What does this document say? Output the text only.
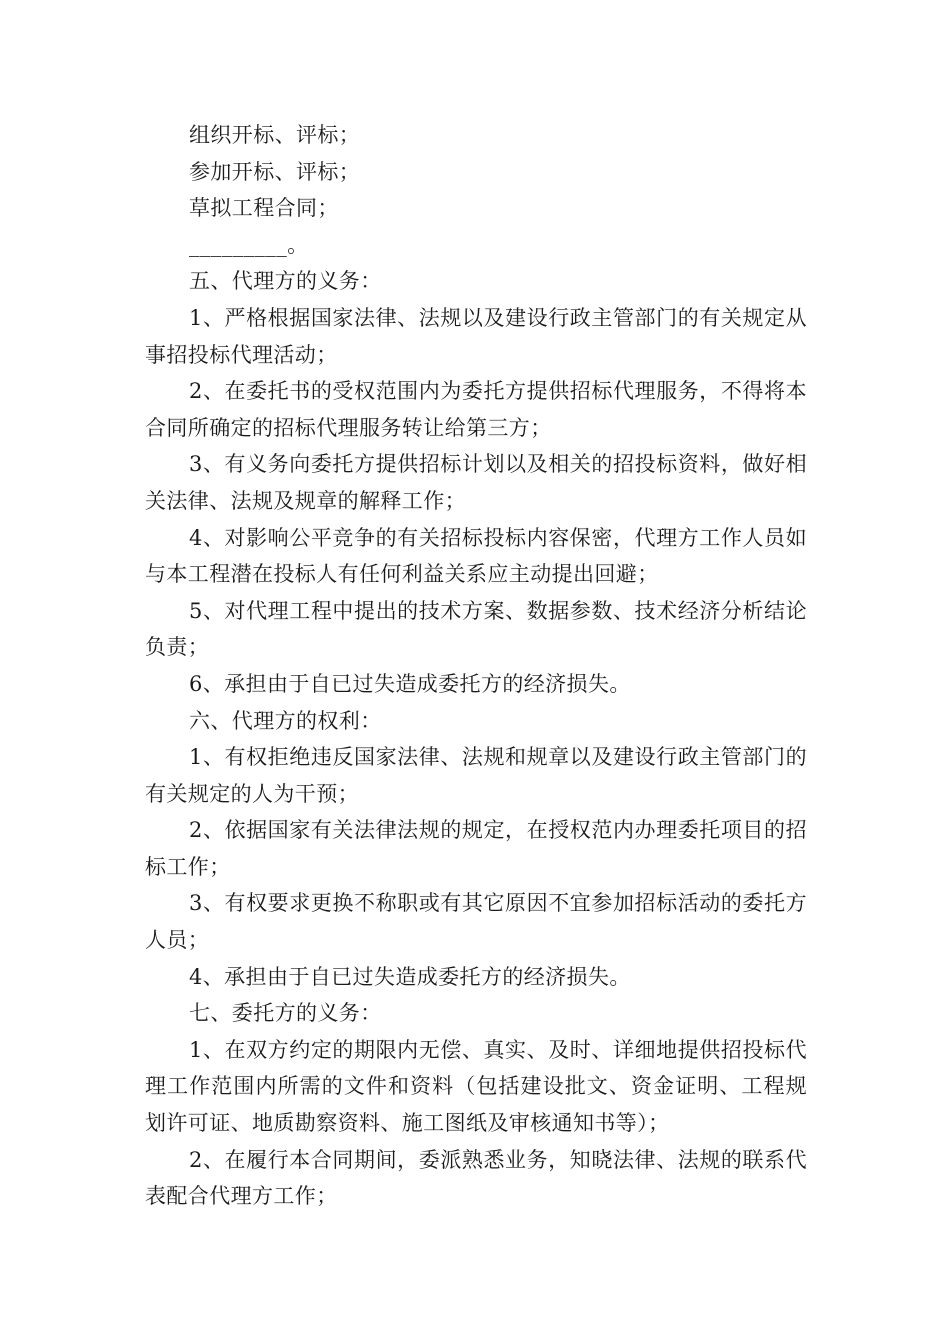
组织开标、评标；

参加开标、评标；

草拟工程合同；

_________。

五、代理方的义务：

1、严格根据国家法律、法规以及建设行政主管部门的有关规定从事招投标代理活动；

2、在委托书的受权范围内为委托方提供招标代理服务，不得将本合同所确定的招标代理服务转让给第三方；

3、有义务向委托方提供招标计划以及相关的招投标资料，做好相关法律、法规及规章的解释工作；

4、对影响公平竞争的有关招标投标内容保密，代理方工作人员如与本工程潜在投标人有任何利益关系应主动提出回避；

5、对代理工程中提出的技术方案、数据参数、技术经济分析结论负责；

6、承担由于自已过失造成委托方的经济损失。

六、代理方的权利：

1、有权拒绝违反国家法律、法规和规章以及建设行政主管部门的有关规定的人为干预；

2、依据国家有关法律法规的规定，在授权范内办理委托项目的招标工作；

3、有权要求更换不称职或有其它原因不宜参加招标活动的委托方人员；

4、承担由于自已过失造成委托方的经济损失。

七、委托方的义务：

1、在双方约定的期限内无偿、真实、及时、详细地提供招投标代理工作范围内所需的文件和资料（包括建设批文、资金证明、工程规划许可证、地质勘察资料、施工图纸及审核通知书等）；

2、在履行本合同期间，委派熟悉业务，知晓法律、法规的联系代表配合代理方工作；
